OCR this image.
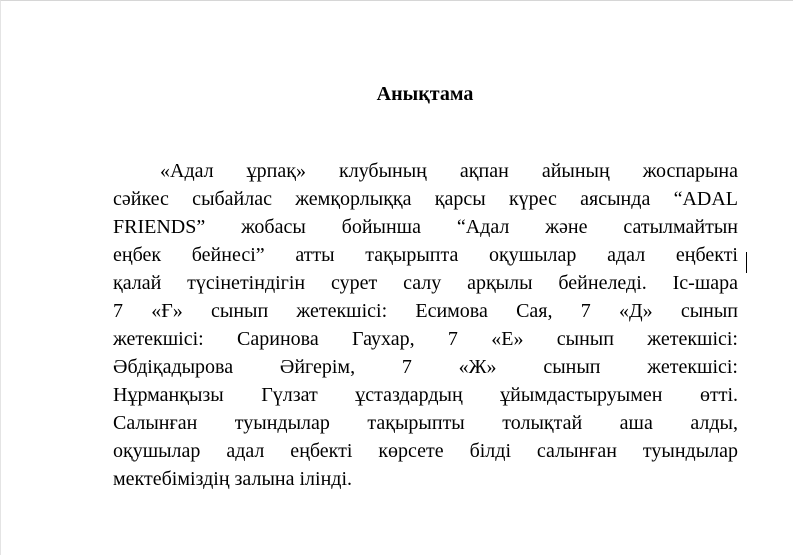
Анықтама
«Адал ұрпақ» клубының ақпан айының жоспарына
сәйкес сыбайлас жемқорлыққа қарсы күрес аясында “ADAL
FRIENDS” жобасы бойынша “Адал және сатылмайтын
еңбек бейнесі” атты тақырыпта оқушылар адал еңбекті
қалай түсінетіндігін сурет салу арқылы бейнеледі. Іс-шара
7 «Ғ» сынып жетекшісі: Есимова Сая, 7 «Д» сынып
жетекшісі: Саринова Гаухар, 7 «Е» сынып жетекшісі:
Әбдіқадырова Әйгерім, 7 «Ж» сынып жетекшісі:
Нұрманқызы Гүлзат ұстаздардың ұйымдастыруымен өтті.
Салынған туындылар тақырыпты толықтай аша алды,
оқушылар адал еңбекті көрсете білді салынған туындылар
мектебіміздің залына ілінді.
